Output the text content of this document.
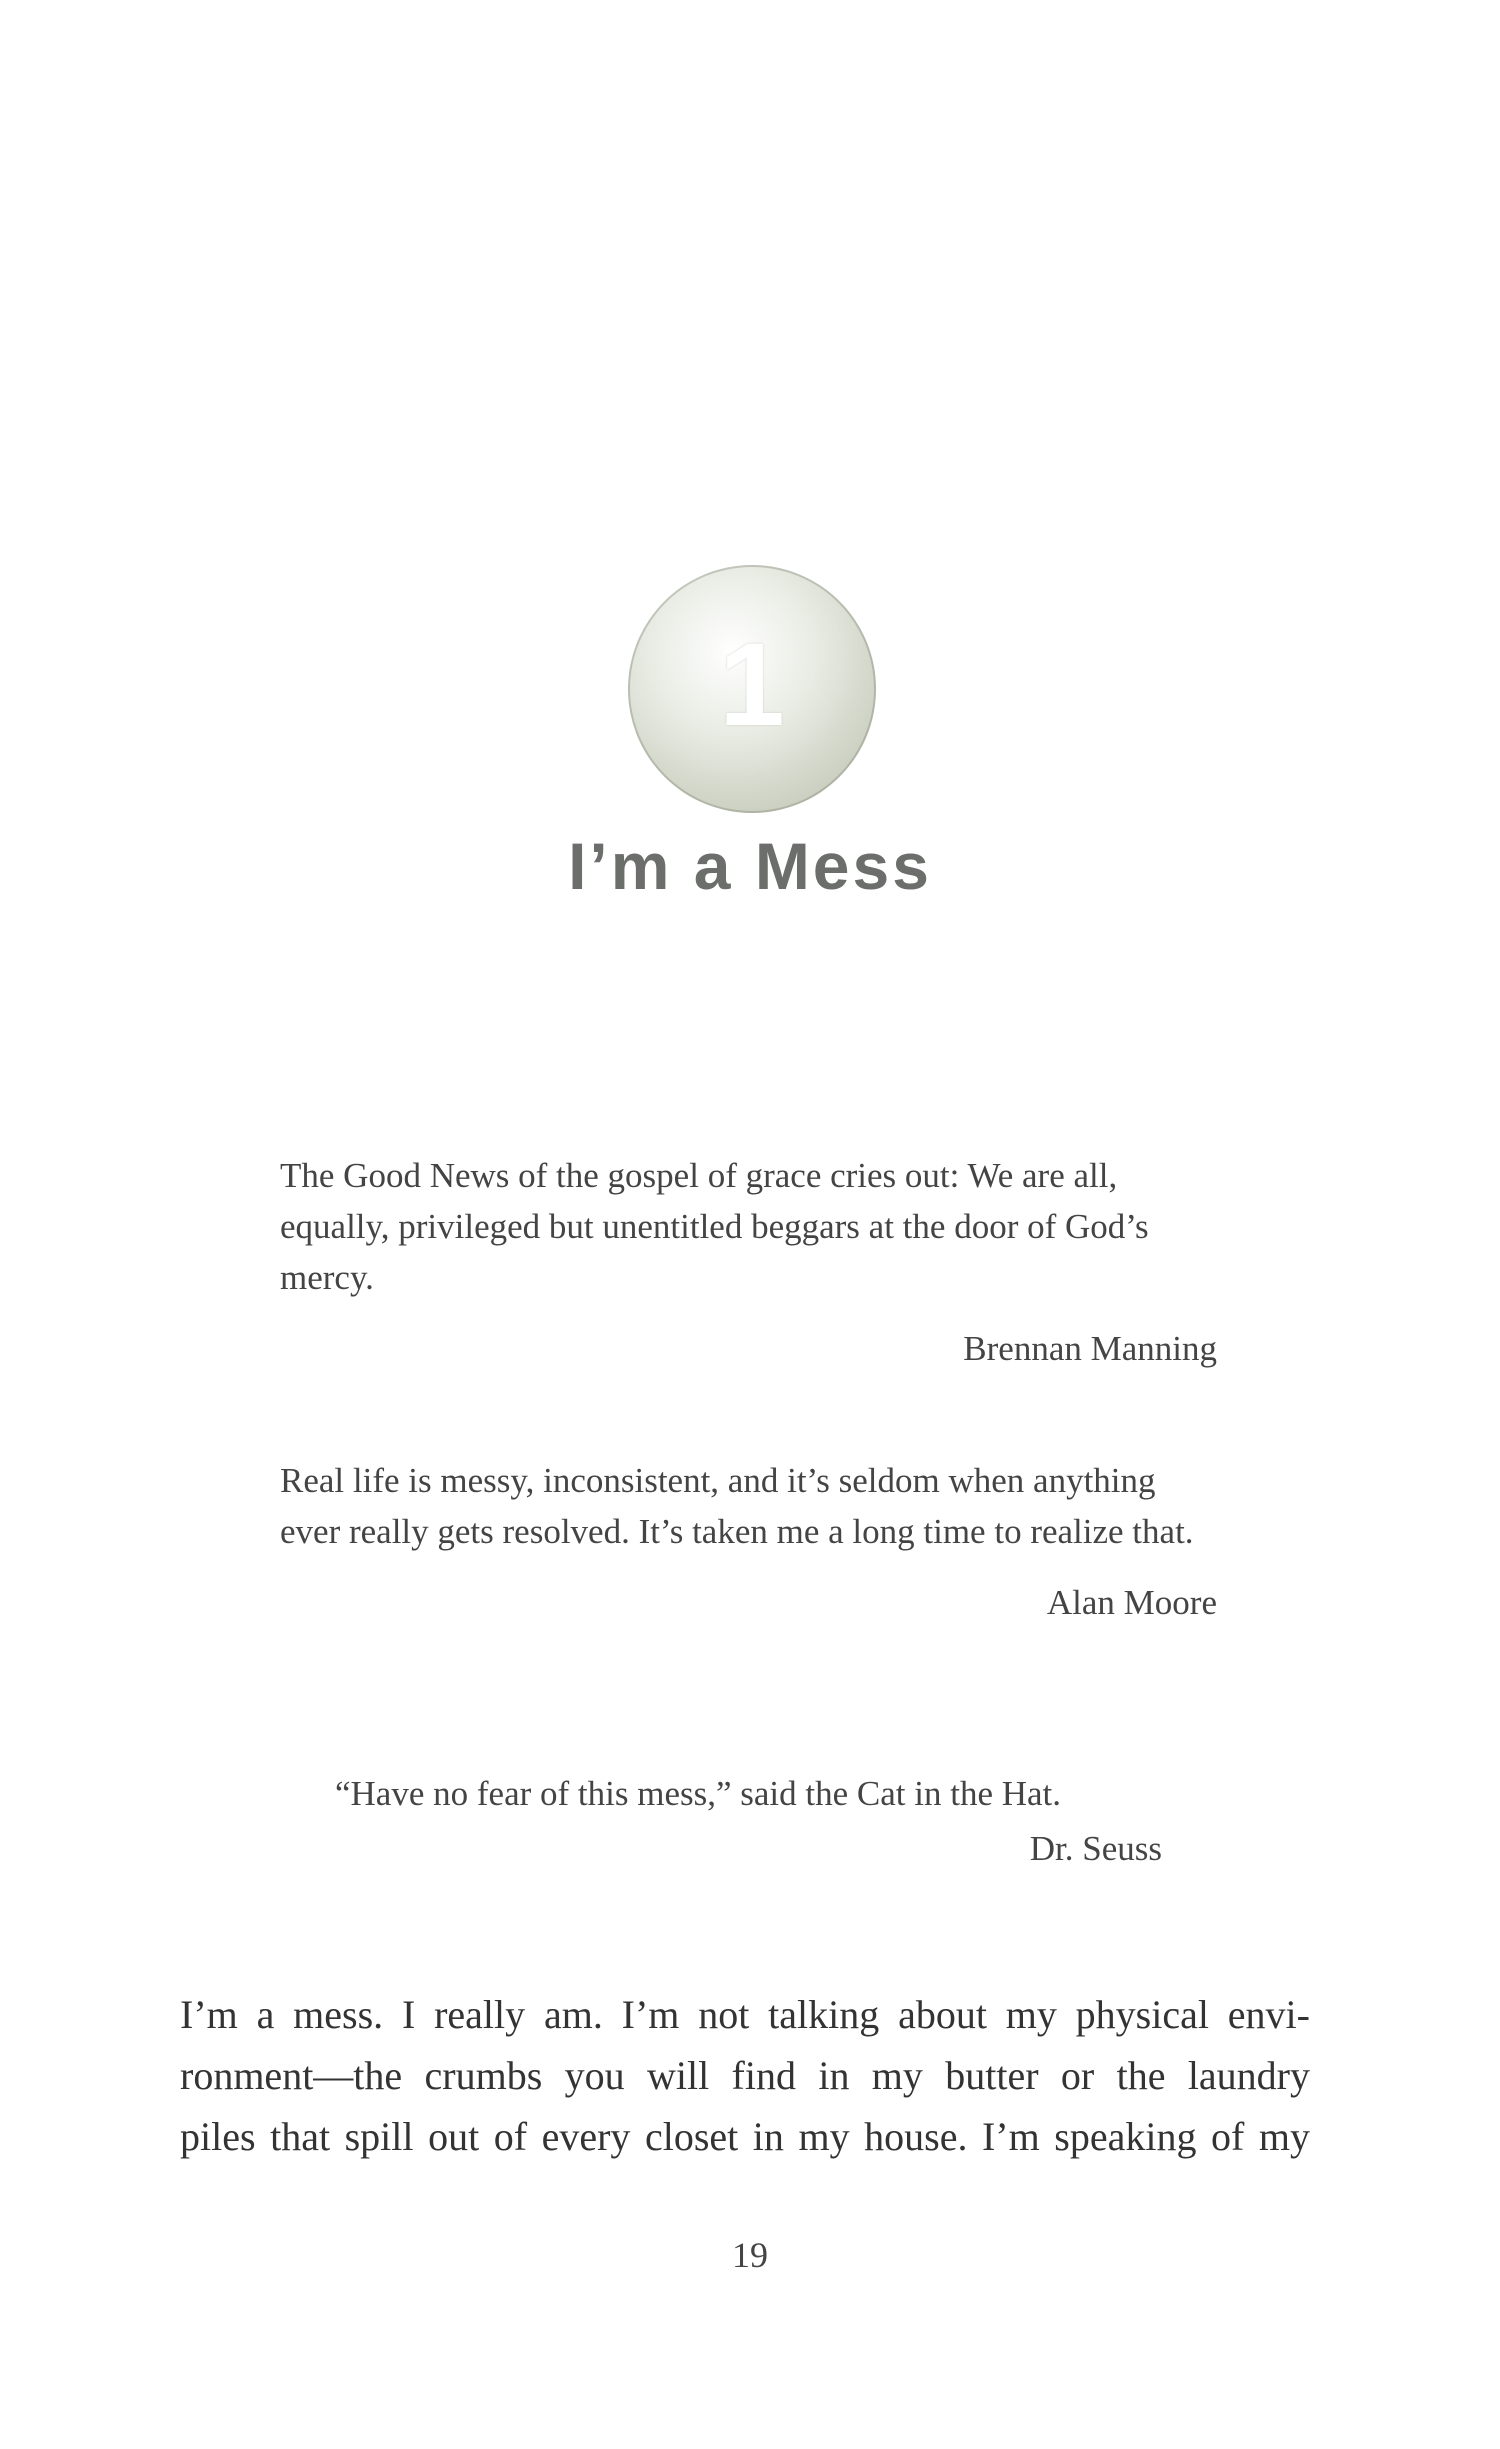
1
I’m a Mess

The Good News of the gospel of grace cries out: We are all, equally, privileged but unentitled beggars at the door of God’s mercy.

Brennan Manning

Real life is messy, inconsistent, and it’s seldom when anything ever really gets resolved. It’s taken me a long time to realize that.

Alan Moore

“Have no fear of this mess,” said the Cat in the Hat.

Dr. Seuss

I’m a mess. I really am. I’m not talking about my physical envi-
ronment—the crumbs you will find in my butter or the laundry
piles that spill out of every closet in my house. I’m speaking of my
19
